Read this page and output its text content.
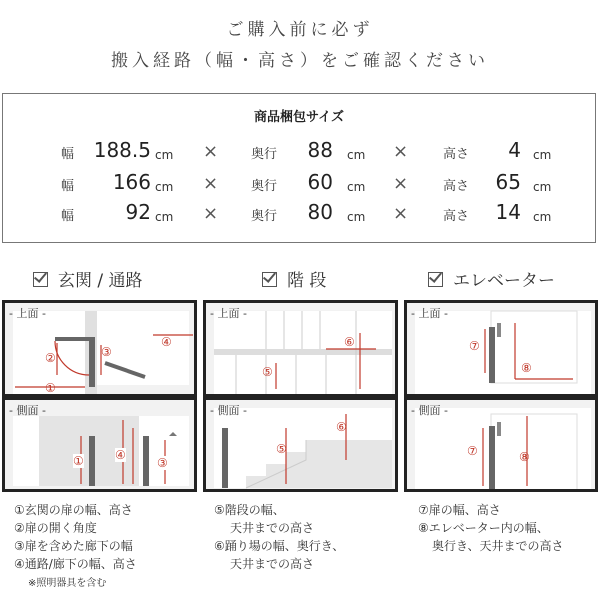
ご購入前に必ず
搬入経路（幅・高さ）をご確認ください
商品梱包サイズ
幅 188.5 cm ×	奥行	88 cm ×	高さ	4 cm
幅	166 cm ×	奥行	60 cm ×	高さ	65 cm
幅	92 cm ×	奥行	80 cm ×	高さ	14 cm
玄関 / 通路	階 段	エレベーター
- 上面 -
②
①
③
④
- 側面 -
①	④
③
- 上面 -
⑤
⑥
- 側面 -
⑤
⑥
- 上面 -
⑦
⑧
- 側面 -
⑦	⑧
①玄関の扉の幅、高さ
②扉の開く角度
③扉を含めた廊下の幅
④通路/廊下の幅、高さ
※照明器具を含む
⑤階段の幅、
天井までの高さ
⑥踊り場の幅、奥行き、
天井までの高さ
⑦扉の幅、高さ
⑧エレベーター内の幅、
奥行き、天井までの高さ
